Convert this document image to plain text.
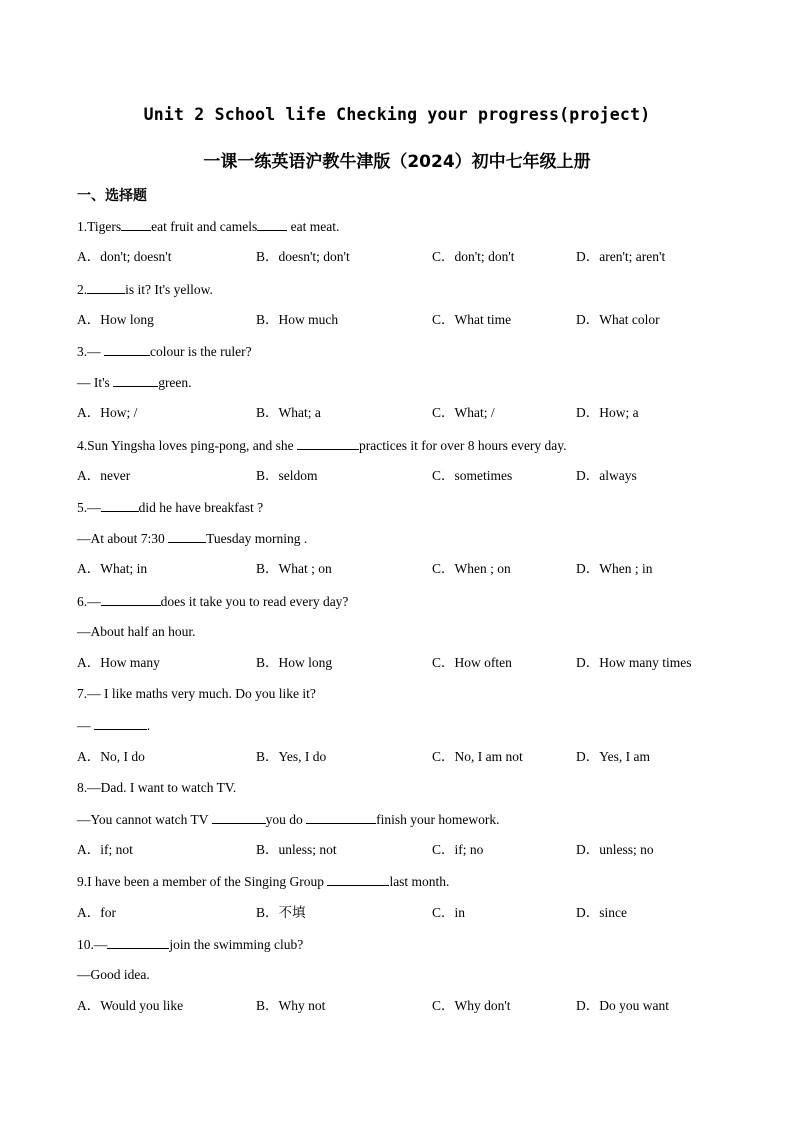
Unit 2 School life Checking your progress(project)
一课一练英语沪教牛津版（2024）初中七年级上册
一、选择题
1.Tigers eat fruit and camels eat meat.
A．don't; doesn't	B．doesn't; don't	C．don't; don't	D．aren't; aren't
2.	is it? It's yellow.
A．How long	B．How much	C．What time	D．What color
3.—	colour is the ruler?
— It's	green.
A．How; /	B．What; a	C．What; /	D．How; a
4.Sun Yingsha loves ping-pong, and she	practices it for over 8 hours every day.
A．never	B．seldom	C．sometimes	D．always
5.—	did he have breakfast ?
—At about 7:30	Tuesday morning .
A．What; in	B．What ; on	C．When ; on	D．When ; in
6.—	does it take you to read every day?
—About half an hour.
A．How many	B．How long	C．How often	D．How many times
7.— I like maths very much. Do you like it?
—	.
A．No, I do	B．Yes, I do	C．No, I am not	D．Yes, I am
8.—Dad. I want to watch TV.
—You cannot watch TV	you do	finish your homework.
A．if; not	B．unless; not	C．if; no	D．unless; no
9.I have been a member of the Singing Group	last month.
A．for	B．不填	C．in	D．since
10.—	join the swimming club?
—Good idea.
A．Would you like	B．Why not	C．Why don't	D．Do you want
